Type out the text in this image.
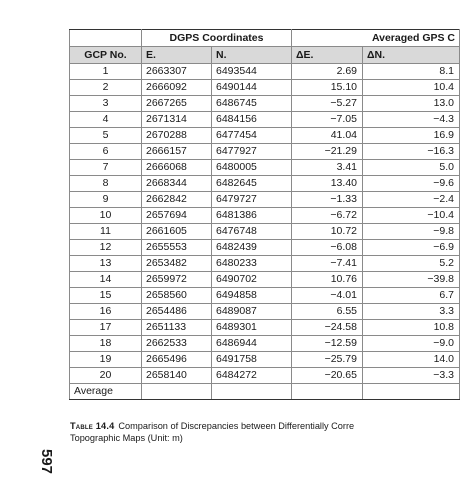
597
	DGPS Coordinates		Averaged GPS C	
GCP No.	E.	N.	ΔE.	ΔN.
1	2663307	6493544	2.69	8.1
2	2666092	6490144	15.10	10.4
3	2667265	6486745	−5.27	13.0
4	2671314	6484156	−7.05	−4.3
5	2670288	6477454	41.04	16.9
6	2666157	6477927	−21.29	−16.3
7	2666068	6480005	3.41	5.0
8	2668344	6482645	13.40	−9.6
9	2662842	6479727	−1.33	−2.4
10	2657694	6481386	−6.72	−10.4
11	2661605	6476748	10.72	−9.8
12	2655553	6482439	−6.08	−6.9
13	2653482	6480233	−7.41	5.2
14	2659972	6490702	10.76	−39.8
15	2658560	6494858	−4.01	6.7
16	2654486	6489087	6.55	3.3
17	2651133	6489301	−24.58	10.8
18	2662533	6486944	−12.59	−9.0
19	2665496	6491758	−25.79	14.0
20	2658140	6484272	−20.65	−3.3
Average				
Table 14.4 Comparison of Discrepancies between Differentially Corre
Topographic Maps (Unit: m)
